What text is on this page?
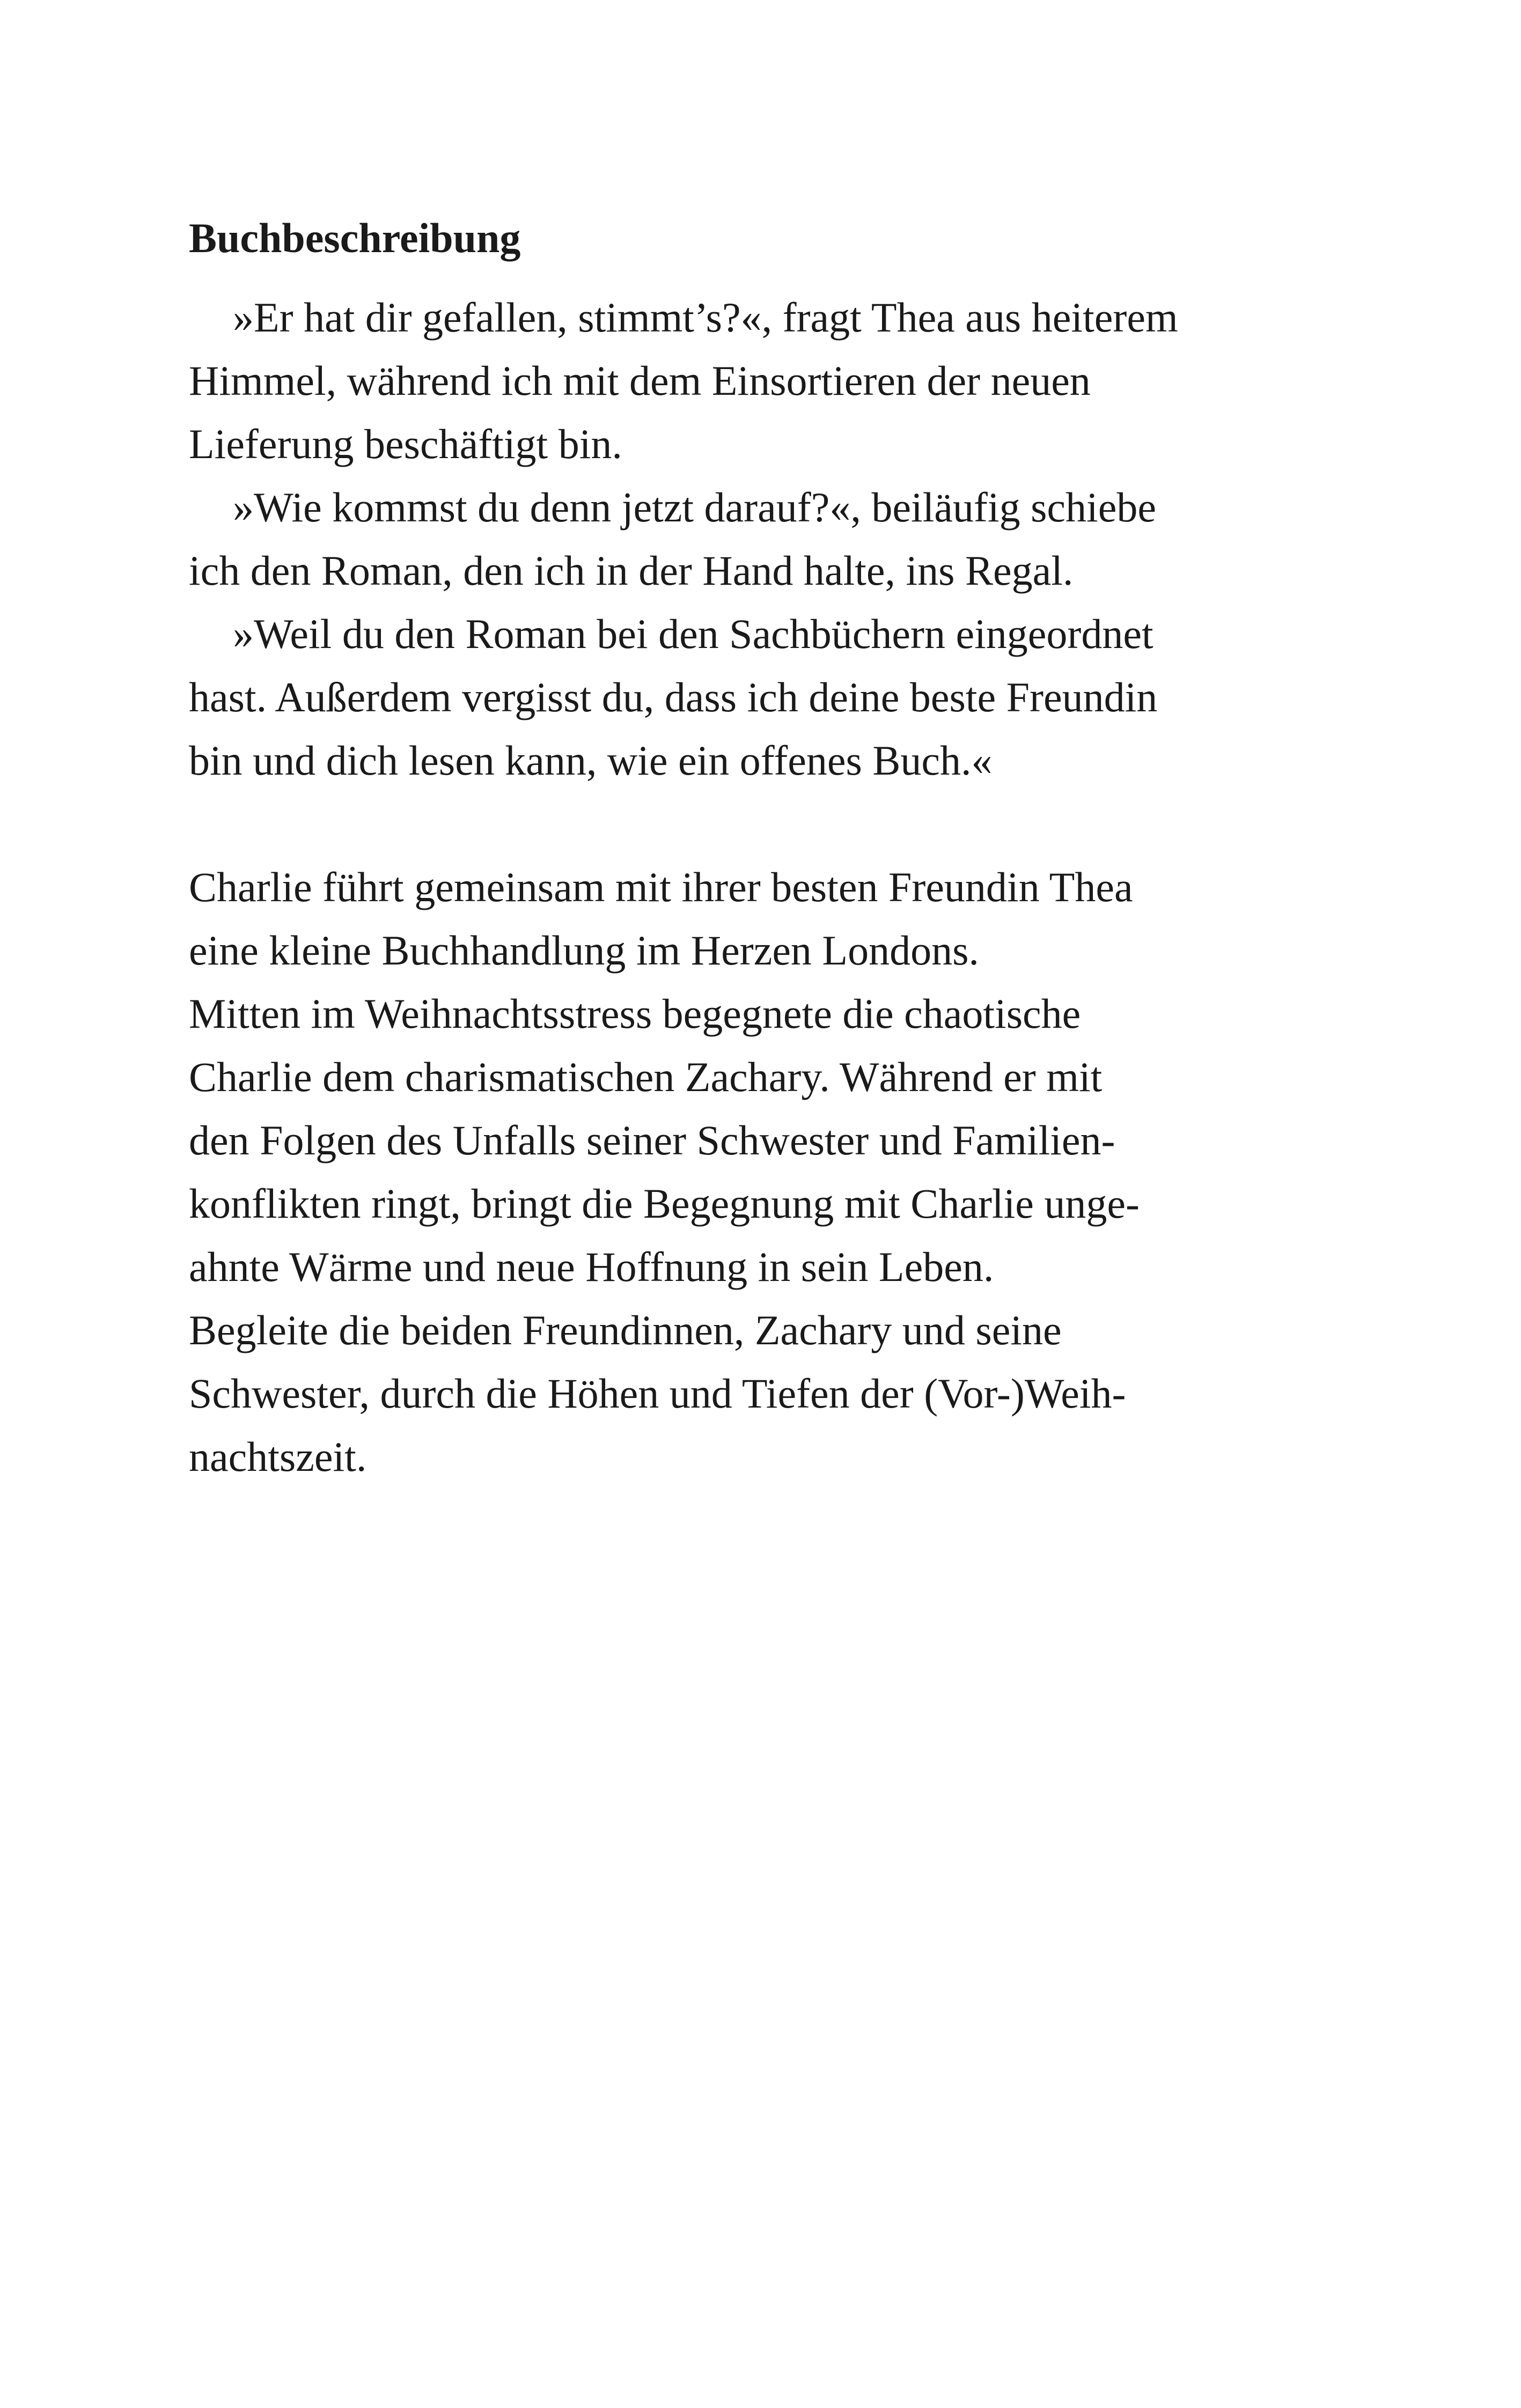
Buchbeschreibung
»Er hat dir gefallen, stimmt’s?«, fragt Thea aus heiterem
Himmel, während ich mit dem Einsortieren der neuen
Lieferung beschäftigt bin.
»Wie kommst du denn jetzt darauf?«, beiläufig schiebe
ich den Roman, den ich in der Hand halte, ins Regal.
»Weil du den Roman bei den Sachbüchern eingeordnet
hast. Außerdem vergisst du, dass ich deine beste Freundin
bin und dich lesen kann, wie ein offenes Buch.«
Charlie führt gemeinsam mit ihrer besten Freundin Thea
eine kleine Buchhandlung im Herzen Londons.
Mitten im Weihnachtsstress begegnete die chaotische
Charlie dem charismatischen Zachary. Während er mit
den Folgen des Unfalls seiner Schwester und Familien-
konflikten ringt, bringt die Begegnung mit Charlie unge-
ahnte Wärme und neue Hoffnung in sein Leben.
Begleite die beiden Freundinnen, Zachary und seine
Schwester, durch die Höhen und Tiefen der (Vor-)Weih-
nachtszeit.
